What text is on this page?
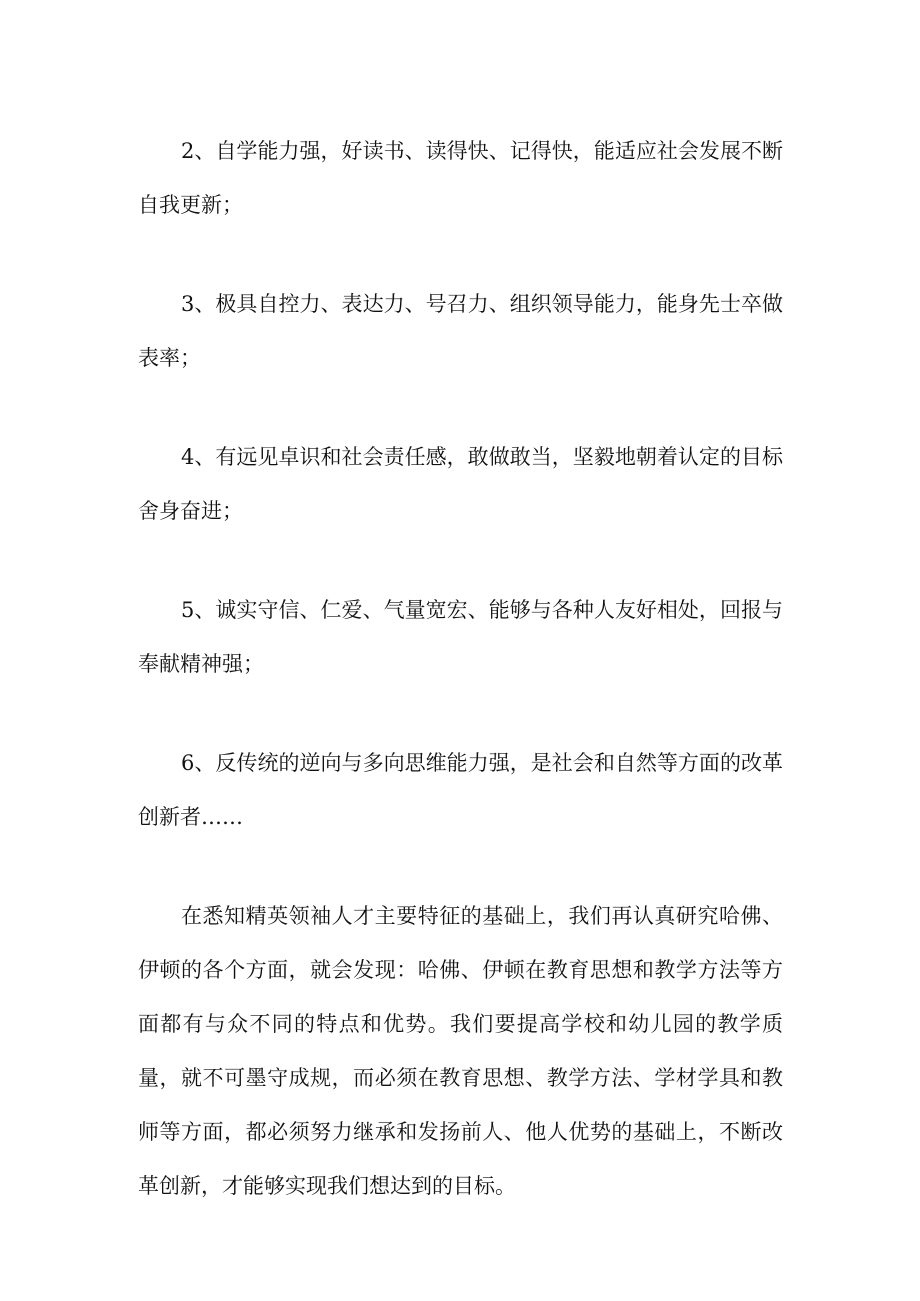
2、自学能力强，好读书、读得快、记得快，能适应社会发展不断自我更新；

3、极具自控力、表达力、号召力、组织领导能力，能身先士卒做表率；

4、有远见卓识和社会责任感，敢做敢当，坚毅地朝着认定的目标舍身奋进；

5、诚实守信、仁爱、气量宽宏、能够与各种人友好相处，回报与奉献精神强；

6、反传统的逆向与多向思维能力强，是社会和自然等方面的改革创新者……

在悉知精英领袖人才主要特征的基础上，我们再认真研究哈佛、伊顿的各个方面，就会发现：哈佛、伊顿在教育思想和教学方法等方面都有与众不同的特点和优势。我们要提高学校和幼儿园的教学质量，就不可墨守成规，而必须在教育思想、教学方法、学材学具和教师等方面，都必须努力继承和发扬前人、他人优势的基础上，不断改革创新，才能够实现我们想达到的目标。
